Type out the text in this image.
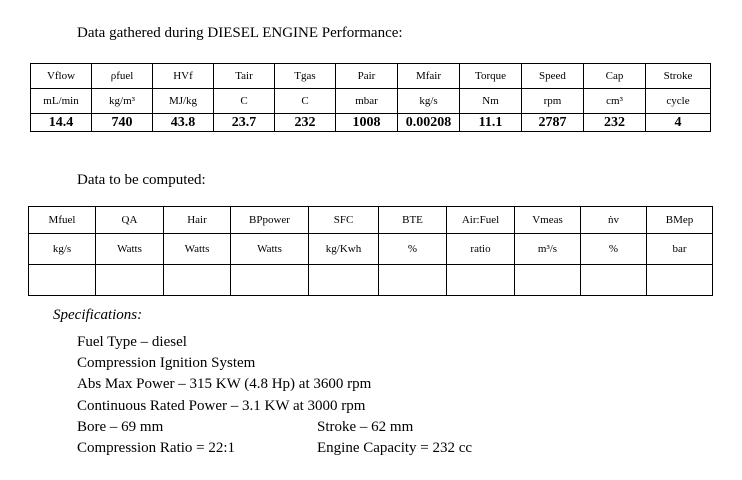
Data gathered during DIESEL ENGINE Performance:
Vflow	ρfuel	HVf	Tair	Tgas	Pair	Mfair	Torque	Speed	Cap	Stroke
mL/min	kg/m³	MJ/kg	C	C	mbar	kg/s	Nm	rpm	cm³	cycle
14.4	740	43.8	23.7	232	1008	0.00208	11.1	2787	232	4
Data to be computed:
Mfuel	QA	Hair	BPpower	SFC	BTE	Air:Fuel	Vmeas	ṅv	BMep
kg/s	Watts	Watts	Watts	kg/Kwh	%	ratio	m³/s	%	bar

Specifications:
Fuel Type – diesel
Compression Ignition System
Abs Max Power – 315 KW (4.8 Hp) at 3600 rpm
Continuous Rated Power – 3.1 KW at 3000 rpm
Bore – 69 mm	Stroke – 62 mm
Compression Ratio = 22:1	Engine Capacity = 232 cc
